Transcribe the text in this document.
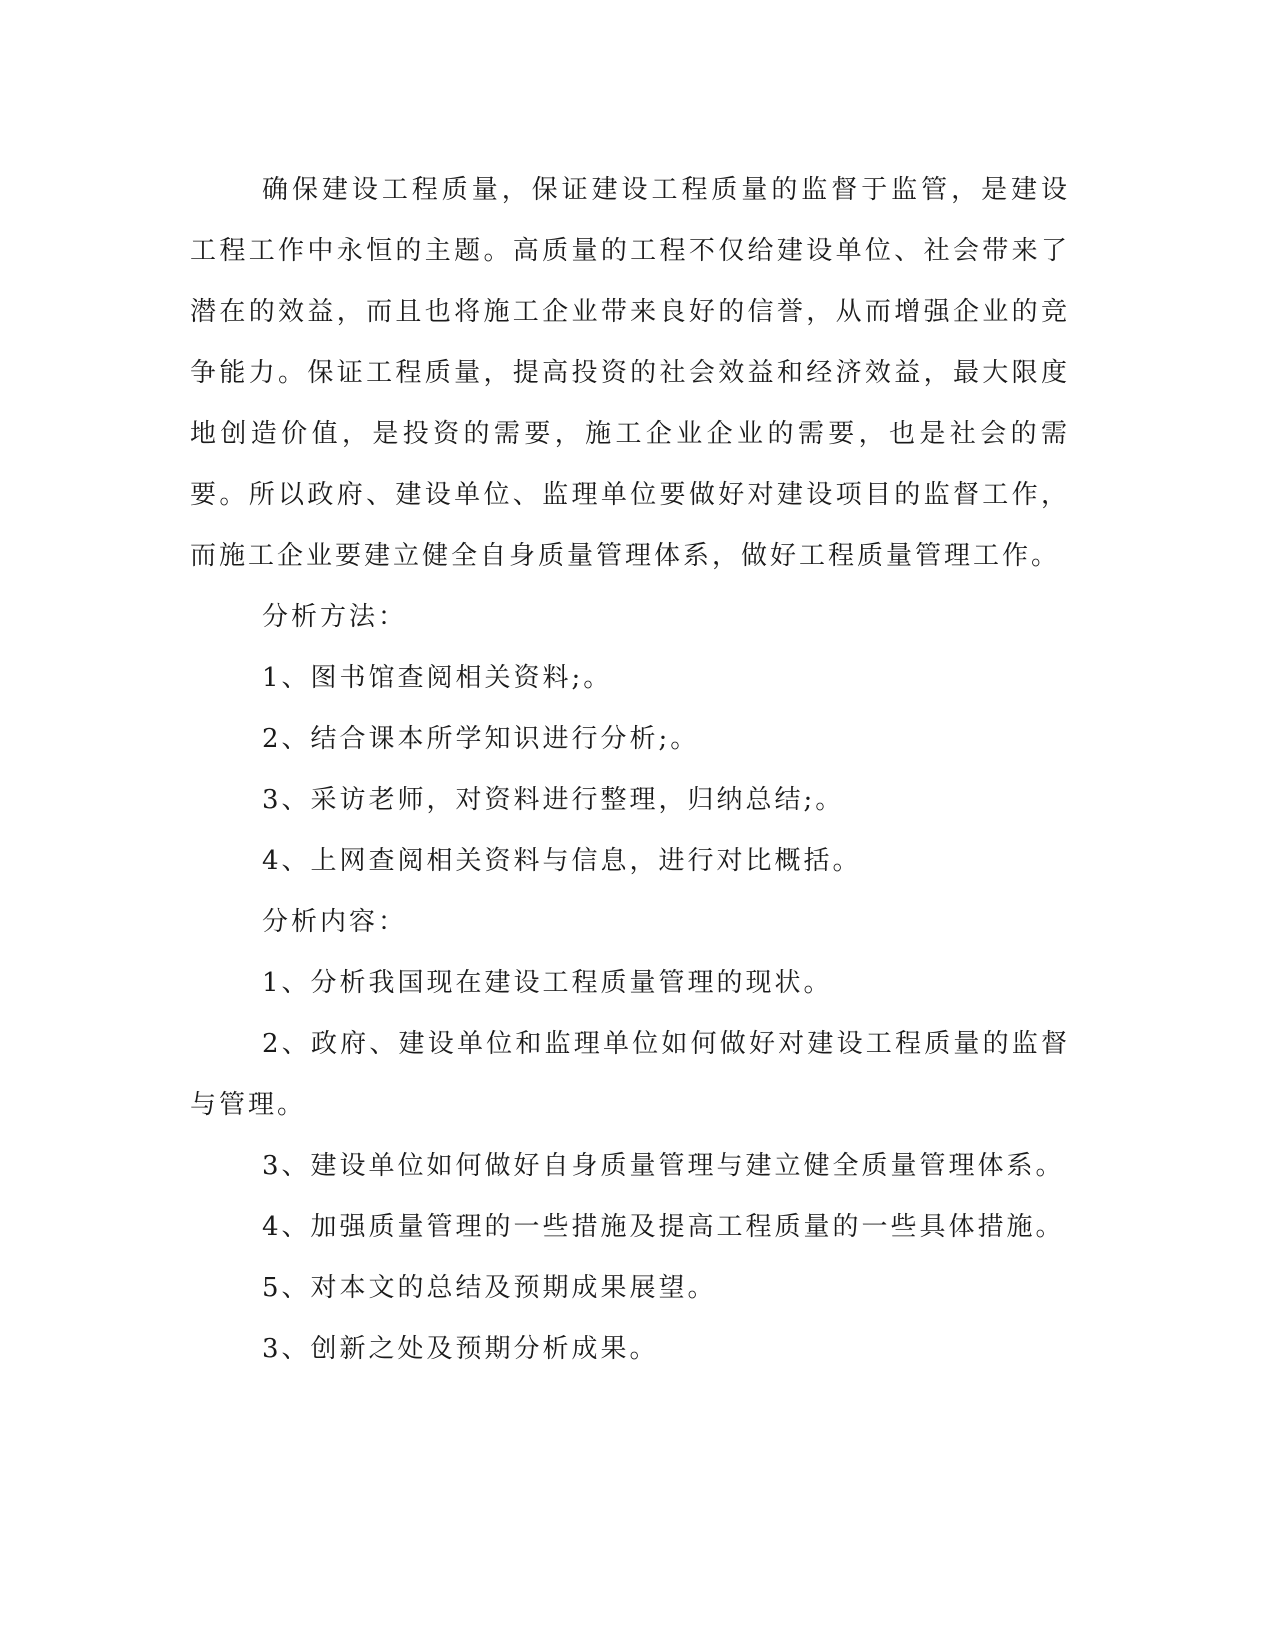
确保建设工程质量，保证建设工程质量的监督于监管，是建设工程工作中永恒的主题。高质量的工程不仅给建设单位、社会带来了潜在的效益，而且也将施工企业带来良好的信誉，从而增强企业的竞争能力。保证工程质量，提高投资的社会效益和经济效益，最大限度地创造价值，是投资的需要，施工企业企业的需要，也是社会的需要。所以政府、建设单位、监理单位要做好对建设项目的监督工作，而施工企业要建立健全自身质量管理体系，做好工程质量管理工作。

分析方法：

1、图书馆查阅相关资料;。

2、结合课本所学知识进行分析;。

3、采访老师，对资料进行整理，归纳总结;。

4、上网查阅相关资料与信息，进行对比概括。

分析内容：

1、分析我国现在建设工程质量管理的现状。

2、政府、建设单位和监理单位如何做好对建设工程质量的监督与管理。

3、建设单位如何做好自身质量管理与建立健全质量管理体系。

4、加强质量管理的一些措施及提高工程质量的一些具体措施。

5、对本文的总结及预期成果展望。

3、创新之处及预期分析成果。
